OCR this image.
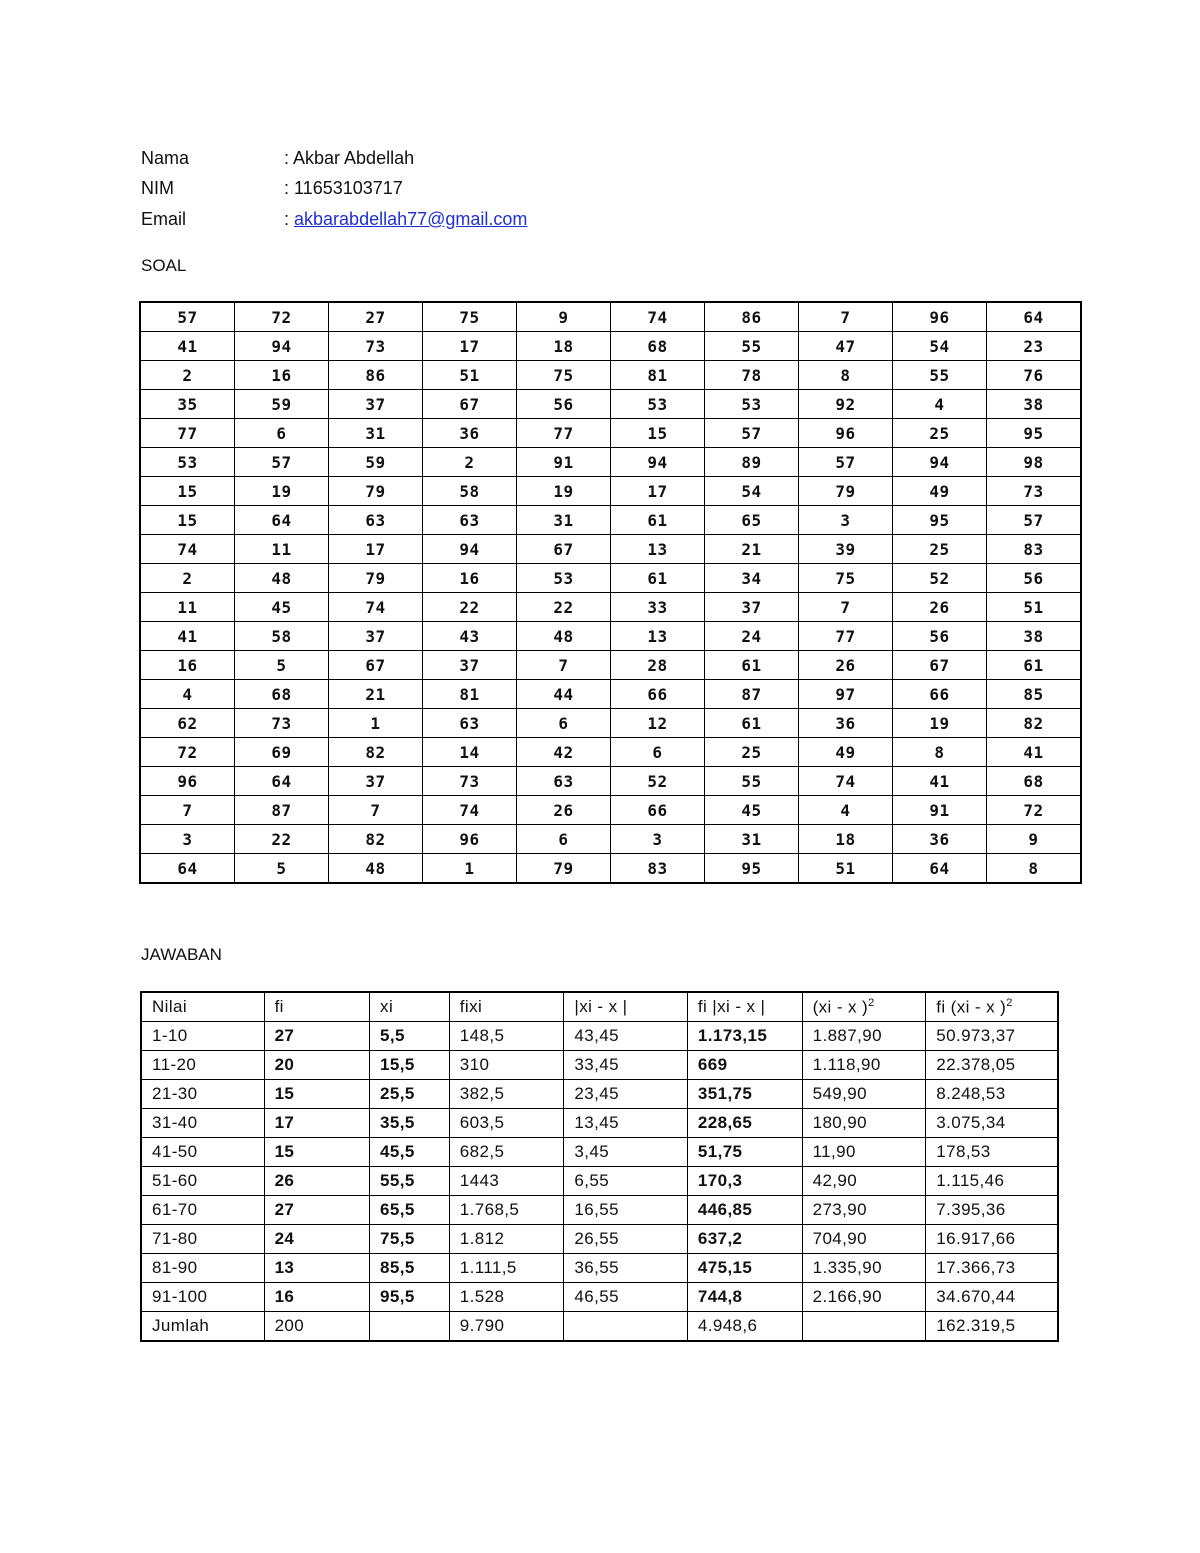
Nama	: Akbar Abdellah
NIM	: 11653103717
Email	: akbarabdellah77@gmail.com
SOAL
57	72	27	75	9	74	86	7	96	64
41	94	73	17	18	68	55	47	54	23
2	16	86	51	75	81	78	8	55	76
35	59	37	67	56	53	53	92	4	38
77	6	31	36	77	15	57	96	25	95
53	57	59	2	91	94	89	57	94	98
15	19	79	58	19	17	54	79	49	73
15	64	63	63	31	61	65	3	95	57
74	11	17	94	67	13	21	39	25	83
2	48	79	16	53	61	34	75	52	56
11	45	74	22	22	33	37	7	26	51
41	58	37	43	48	13	24	77	56	38
16	5	67	37	7	28	61	26	67	61
4	68	21	81	44	66	87	97	66	85
62	73	1	63	6	12	61	36	19	82
72	69	82	14	42	6	25	49	8	41
96	64	37	73	63	52	55	74	41	68
7	87	7	74	26	66	45	4	91	72
3	22	82	96	6	3	31	18	36	9
64	5	48	1	79	83	95	51	64	8
JAWABAN
Nilai	fi	xi	fixi	|xi - x |	fi |xi - x |	(xi - x )$^2$	fi (xi - x )$^2$
1-10	27	5,5	148,5	43,45	1.173,15	1.887,90	50.973,37
11-20	20	15,5	310	33,45	669	1.118,90	22.378,05
21-30	15	25,5	382,5	23,45	351,75	549,90	8.248,53
31-40	17	35,5	603,5	13,45	228,65	180,90	3.075,34
41-50	15	45,5	682,5	3,45	51,75	11,90	178,53
51-60	26	55,5	1443	6,55	170,3	42,90	1.115,46
61-70	27	65,5	1.768,5	16,55	446,85	273,90	7.395,36
71-80	24	75,5	1.812	26,55	637,2	704,90	16.917,66
81-90	13	85,5	1.111,5	36,55	475,15	1.335,90	17.366,73
91-100	16	95,5	1.528	46,55	744,8	2.166,90	34.670,44
Jumlah	200		9.790		4.948,6		162.319,5
